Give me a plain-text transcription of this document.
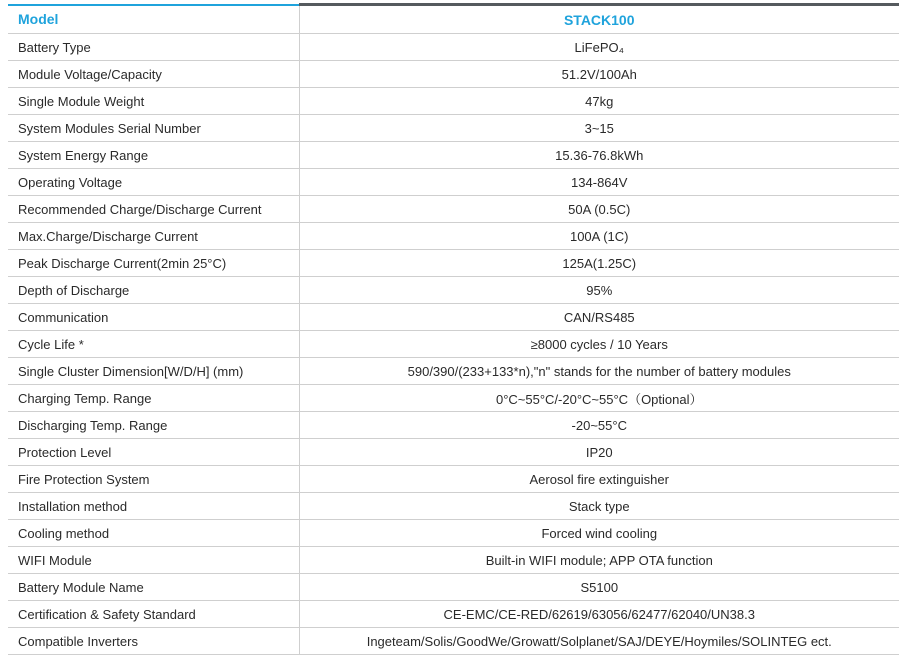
Model	STACK100
Battery Type	LiFePO₄
Module Voltage/Capacity	51.2V/100Ah
Single Module Weight	47kg
System Modules Serial Number	3~15
System Energy Range	15.36-76.8kWh
Operating Voltage	134-864V
Recommended Charge/Discharge Current	50A (0.5C)
Max.Charge/Discharge Current	100A (1C)
Peak Discharge Current(2min 25°C)	125A(1.25C)
Depth of Discharge	95%
Communication	CAN/RS485
Cycle Life *	≥8000 cycles / 10 Years
Single Cluster Dimension[W/D/H] (mm)	590/390/(233+133*n),"n" stands for the number of battery modules
Charging Temp. Range	0°C~55°C/-20°C~55°C（Optional）
Discharging Temp. Range	-20~55°C
Protection Level	IP20
Fire Protection System	Aerosol fire extinguisher
Installation method	Stack type
Cooling method	Forced wind cooling
WIFI Module	Built-in WIFI module; APP OTA function
Battery Module Name	S5100
Certification & Safety Standard	CE-EMC/CE-RED/62619/63056/62477/62040/UN38.3
Compatible Inverters	Ingeteam/Solis/GoodWe/Growatt/Solplanet/SAJ/DEYE/Hoymiles/SOLINTEG ect.
